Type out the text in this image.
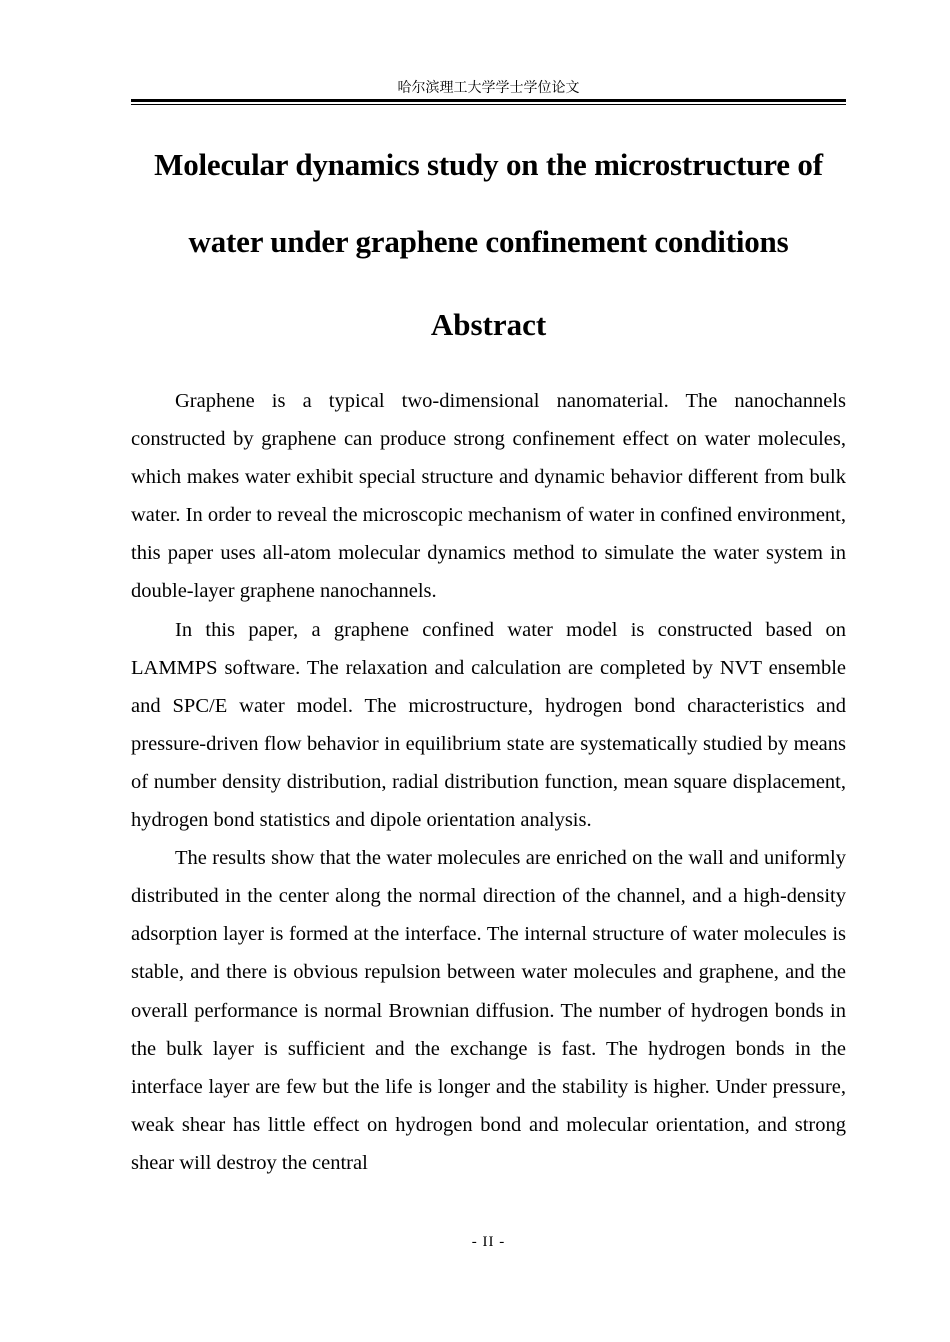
哈尔滨理工大学学士学位论文
Molecular dynamics study on the microstructure of water under graphene confinement conditions
Abstract

Graphene is a typical two-dimensional nanomaterial. The nanochannels constructed by graphene can produce strong confinement effect on water molecules, which makes water exhibit special structure and dynamic behavior different from bulk water. In order to reveal the microscopic mechanism of water in confined environment, this paper uses all-atom molecular dynamics method to simulate the water system in double-layer graphene nanochannels.

In this paper, a graphene confined water model is constructed based on LAMMPS software. The relaxation and calculation are completed by NVT ensemble and SPC/E water model. The microstructure, hydrogen bond characteristics and pressure-driven flow behavior in equilibrium state are systematically studied by means of number density distribution, radial distribution function, mean square displacement, hydrogen bond statistics and dipole orientation analysis.

The results show that the water molecules are enriched on the wall and uniformly distributed in the center along the normal direction of the channel, and a high-density adsorption layer is formed at the interface. The internal structure of water molecules is stable, and there is obvious repulsion between water molecules and graphene, and the overall performance is normal Brownian diffusion. The number of hydrogen bonds in the bulk layer is sufficient and the exchange is fast. The hydrogen bonds in the interface layer are few but the life is longer and the stability is higher. Under pressure, weak shear has little effect on hydrogen bond and molecular orientation, and strong shear will destroy the central

- II -
